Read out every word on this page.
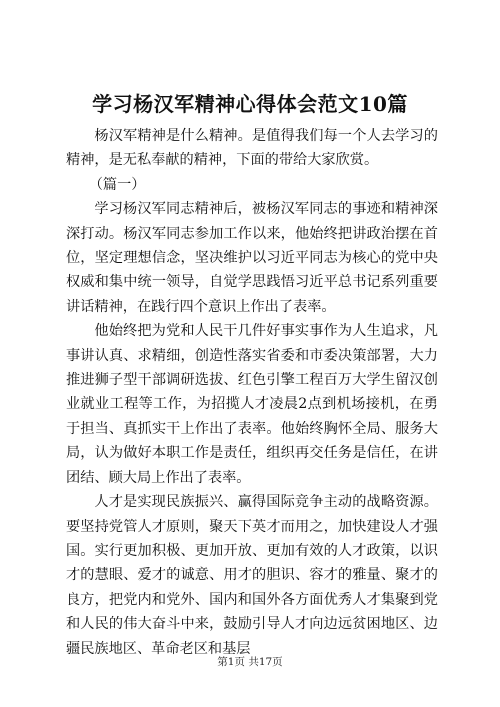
学习杨汉军精神心得体会范文10篇

杨汉军精神是什么精神。是值得我们每一个人去学习的精神，是无私奉献的精神，下面的带给大家欣赏。

（篇一）

学习杨汉军同志精神后，被杨汉军同志的事迹和精神深深打动。杨汉军同志参加工作以来，他始终把讲政治摆在首位，坚定理想信念，坚决维护以习近平同志为核心的党中央权威和集中统一领导，自觉学思践悟习近平总书记系列重要讲话精神，在践行四个意识上作出了表率。

他始终把为党和人民干几件好事实事作为人生追求，凡事讲认真、求精细，创造性落实省委和市委决策部署，大力推进狮子型干部调研选拔、红色引擎工程百万大学生留汉创业就业工程等工作，为招揽人才凌晨2点到机场接机，在勇于担当、真抓实干上作出了表率。他始终胸怀全局、服务大局，认为做好本职工作是责任，组织再交任务是信任，在讲团结、顾大局上作出了表率。

人才是实现民族振兴、赢得国际竞争主动的战略资源。要坚持党管人才原则，聚天下英才而用之，加快建设人才强国。实行更加积极、更加开放、更加有效的人才政策，以识才的慧眼、爱才的诚意、用才的胆识、容才的雅量、聚才的良方，把党内和党外、国内和国外各方面优秀人才集聚到党和人民的伟大奋斗中来，鼓励引导人才向边远贫困地区、边疆民族地区、革命老区和基层

第1页 共17页
